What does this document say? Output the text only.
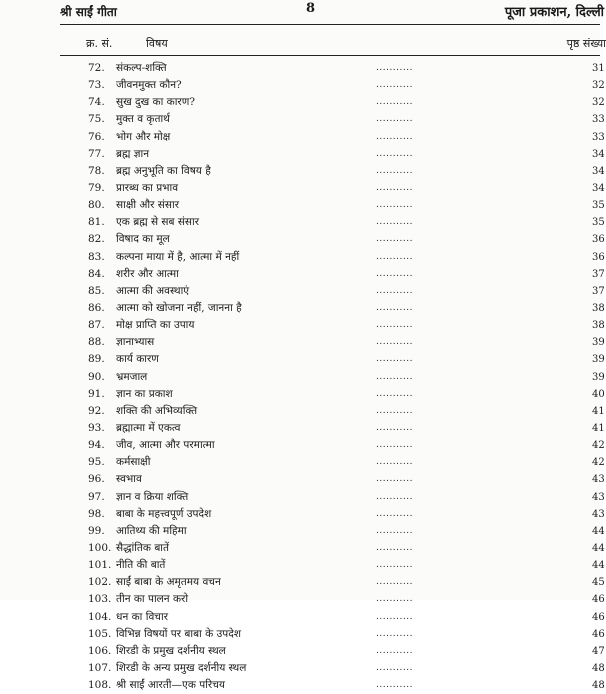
श्री साईं गीता	8	पूजा प्रकाशन, दिल्ली
क्र. सं.	विषय	पृष्ठ संख्या
72.	संकल्प-शक्ति	...........	31
73.	जीवनमुक्त कौन?	...........	32
74.	सुख दुख का कारण?	...........	32
75.	मुक्त व कृतार्थ	...........	33
76.	भोग और मोक्ष	...........	33
77.	ब्रह्म ज्ञान	...........	34
78.	ब्रह्म अनुभूति का विषय है	...........	34
79.	प्रारब्ध का प्रभाव	...........	34
80.	साक्षी और संसार	...........	35
81.	एक ब्रह्म से सब संसार	...........	35
82.	विषाद का मूल	...........	36
83.	कल्पना माया में है, आत्मा में नहीं	...........	36
84.	शरीर और आत्मा	...........	37
85.	आत्मा की अवस्थाएं	...........	37
86.	आत्मा को खोजना नहीं, जानना है	...........	38
87.	मोक्ष प्राप्ति का उपाय	...........	38
88.	ज्ञानाभ्यास	...........	39
89.	कार्य कारण	...........	39
90.	भ्रमजाल	...........	39
91.	ज्ञान का प्रकाश	...........	40
92.	शक्ति की अभिव्यक्ति	...........	41
93.	ब्रह्मात्मा में एकत्व	...........	41
94.	जीव, आत्मा और परमात्मा	...........	42
95.	कर्मसाक्षी	...........	42
96.	स्वभाव	...........	43
97.	ज्ञान व क्रिया शक्ति	...........	43
98.	बाबा के महत्त्वपूर्ण उपदेश	...........	43
99.	आतिथ्य की महिमा	...........	44
100. सैद्धांतिक बातें	...........	44
101. नीति की बातें	...........	44
102. साईं बाबा के अमृतमय वचन	...........	45
103. तीन का पालन करो	...........	46
104. धन का विचार	...........	46
105. विभिन्न विषयों पर बाबा के उपदेश	...........	46
106. शिरडी के प्रमुख दर्शनीय स्थल	...........	47
107. शिरडी के अन्य प्रमुख दर्शनीय स्थल	...........	48
108. श्री साईं आरती—एक परिचय	...........	48
